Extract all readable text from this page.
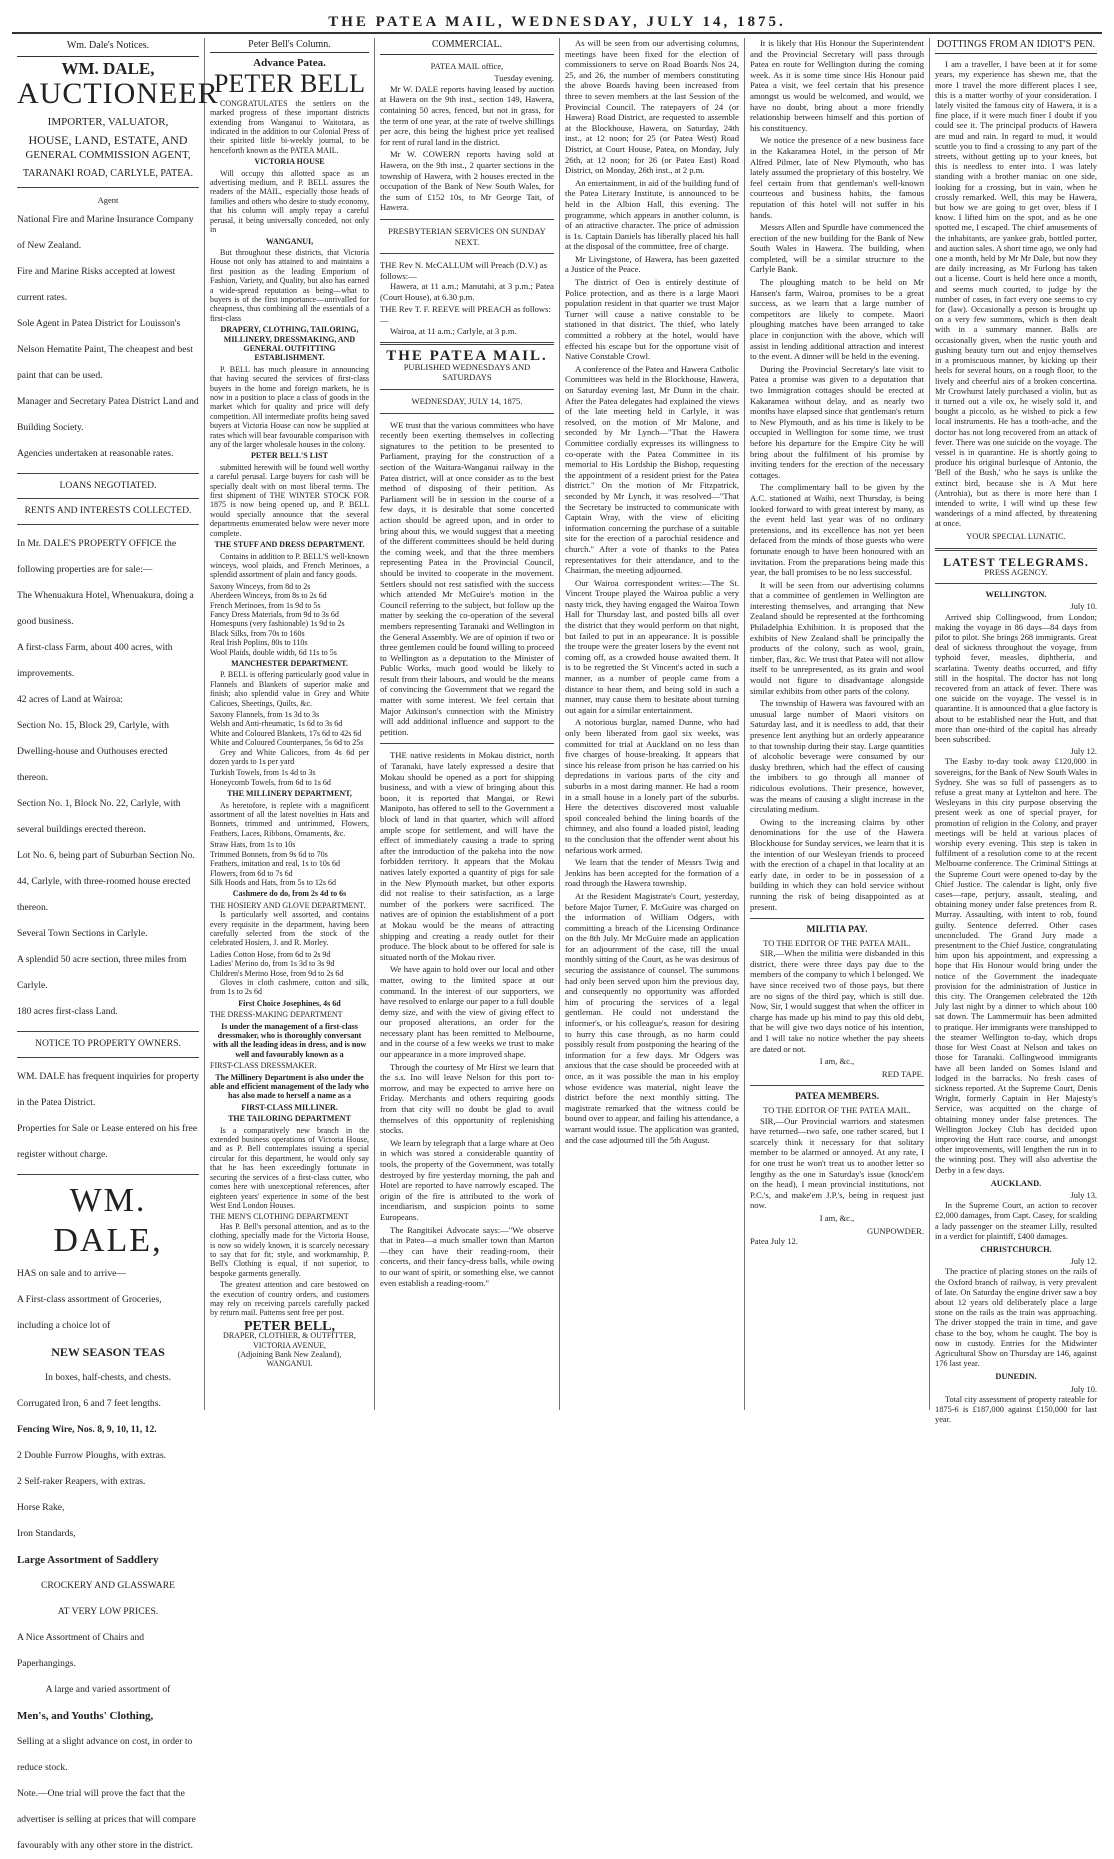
THE PATEA MAIL, WEDNESDAY, JULY 14, 1875.
Wm. Dale's Notices.
WM. DALE,
AUCTIONEER
IMPORTER, VALUATOR,
HOUSE, LAND, ESTATE, AND
GENERAL COMMISSION AGENT,
TARANAKI ROAD, CARLYLE, PATEA.
Agent
National Fire and Marine Insurance Company of New Zealand.
Fire and Marine Risks accepted at lowest current rates.
Sole Agent in Patea District for Louisson's Nelson Hematite Paint, The cheapest and best paint that can be used.
Manager and Secretary Patea District Land and Building Society.
Agencies undertaken at reasonable rates.
LOANS NEGOTIATED.
RENTS AND INTERESTS COLLECTED.
In Mr. DALE'S PROPERTY OFFICE the following properties are for sale:—
The Whenuakura Hotel, Whenuakura, doing a good business.
A first-class Farm, about 400 acres, with improvements.
42 acres of Land at Wairoa:
Section No. 15, Block 29, Carlyle, with Dwelling-house and Outhouses erected thereon.
Section No. 1, Block No. 22, Carlyle, with several buildings erected thereon.
Lot No. 6, being part of Suburban Section No. 44, Carlyle, with three-roomed house erected thereon.
Several Town Sections in Carlyle.
A splendid 50 acre section, three miles from Carlyle.
180 acres first-class Land.
NOTICE TO PROPERTY OWNERS.
WM. DALE has frequent inquiries for property in the Patea District.
Properties for Sale or Lease entered on his free register without charge.
WM. DALE,
HAS on sale and to arrive—
A First-class assortment of Groceries, including a choice lot of
NEW SEASON TEAS
In boxes, half-chests, and chests.
Corrugated Iron, 6 and 7 feet lengths.
Fencing Wire, Nos. 8, 9, 10, 11, 12.
2 Double Furrow Ploughs, with extras.
2 Self-raker Reapers, with extras.
Horse Rake,
Iron Standards,
Large Assortment of Saddlery
CROCKERY AND GLASSWARE
AT VERY LOW PRICES.
A Nice Assortment of Chairs and Paperhangings.
A large and varied assortment of
Men's, and Youths' Clothing,
Selling at a slight advance on cost, in order to reduce stock.
Note.—One trial will prove the fact that the advertiser is selling at prices that will compare favourably with any other store in the district.
Peter Bell's Column.
Advance Patea.
PETER BELL
CONGRATULATES the settlers on the marked progress of these important districts extending from Wanganui to Waitotara, as indicated in the addition to our Colonial Press of their spirited little bi-weekly journal, to be henceforth known as the PATEA MAIL.
VICTORIA HOUSE
Will occupy this allotted space as an advertising medium, and P. BELL assures the readers of the MAIL, especially those heads of families and others who desire to study economy, that his column will amply repay a careful perusal, it being universally conceded, not only in
WANGANUI,
But throughout these districts, that Victoria House not only has attained to and maintains a first position as the leading Emporium of Fashion, Variety, and Quality, but also has earned a wide-spread reputation as being—what to buyers is of the first importance—unrivalled for cheapness, thus combining all the essentials of a first-class
DRAPERY, CLOTHING, TAILORING, MILLINERY, DRESSMAKING, AND GENERAL OUTFITTING ESTABLISHMENT.
P. BELL has much pleasure in announcing that having secured the services of first-class buyers in the home and foreign markets, he is now in a position to place a class of goods in the market which for quality and price will defy competition. All intermediate profits being saved buyers at Victoria House can now be supplied at rates which will bear favourable comparison with any of the larger wholesale houses in the colony.
PETER BELL'S LIST
submitted herewith will be found well worthy a careful perusal. Large buyers for cash will be specially dealt with on most liberal terms. The first shipment of THE WINTER STOCK FOR 1875 is now being opened up, and P. BELL would specially announce that the several departments enumerated below were never more complete.
THE STUFF AND DRESS DEPARTMENT.
Contains in addition to P. BELL'S well-known winceys, wool plaids, and French Merinoes, a splendid assortment of plain and fancy goods.
Saxony Winceys, from 8d to 2s
Aberdeen Winceys, from 8s to 2s 6d
French Merinoes, from 1s 9d to 5s
Fancy Dress Materials, from 9d to 3s 6d
Homespuns (very fashionable) 1s 9d to 2s
Black Silks, from 70s to 160s
Real Irish Poplins, 80s to 110s
Wool Plaids, double width, 6d 11s to 5s
MANCHESTER DEPARTMENT.
P. BELL is offering particularly good value in Flannels and Blankets of superior make and finish; also splendid value in Grey and White Calicoes, Sheetings, Quilts, &c.
Saxony Flannels, from 1s 3d to 3s
Welsh and Anti-rheumatic, 1s 6d to 3s 6d
White and Coloured Blankets, 17s 6d to 42s 6d
White and Coloured Counterpanes, 5s 6d to 25s
Grey and White Calicoes, from 4s 6d per dozen yards to 1s per yard
Turkish Towels, from 1s 4d to 3s
Honeycomb Towels, from 6d to 1s 6d
THE MILLINERY DEPARTMENT,
As heretofore, is replete with a magnificent assortment of all the latest novelties in Hats and Bonnets, trimmed and untrimmed, Flowers, Feathers, Laces, Ribbons, Ornaments, &c.
Straw Hats, from 1s to 10s
Trimmed Bonnets, from 9s 6d to 70s
Feathers, imitation and real, 1s to 10s 6d
Flowers, from 6d to 7s 6d
Silk Hoods and Hats, from 5s to 12s 6d
Cashmere do do, from 2s 4d to 6s
THE HOSIERY AND GLOVE DEPARTMENT.
Is particularly well assorted, and contains every requisite in the department, having been carefully selected from the stock of the celebrated Hosiers, J. and R. Morley.
Ladies Cotton Hose, from 6d to 2s 9d
Ladies' Merino do, from 1s 3d to 3s 9d
Children's Merino Hose, from 9d to 2s 6d
Gloves in cloth cashmere, cotton and silk, from 1s to 2s 6d
First Choice Josephines, 4s 6d
THE DRESS-MAKING DEPARTMENT
Is under the management of a first-class dressmaker, who is thoroughly conversant with all the leading ideas in dress, and is now well and favourably known as a
FIRST-CLASS DRESSMAKER.
The Millinery Department is also under the able and efficient management of the lady who has also made to herself a name as a
FIRST-CLASS MILLINER.
THE TAILORING DEPARTMENT
Is a comparatively new branch in the extended business operations of Victoria House, and as P. Bell contemplates issuing a special circular for this department, he would only say that he has been exceedingly fortunate in securing the services of a first-class cutter, who comes here with unexceptional references, after eighteen years' experience in some of the best West End London Houses.
THE MEN'S CLOTHING DEPARTMENT
Has P. Bell's personal attention, and as to the clothing, specially made for the Victoria House, is now so widely known, it is scarcely necessary to say that for fit; style, and workmanship, P. Bell's Clothing is equal, if not superior, to bespoke garments generally.
The greatest attention and care bestowed on the execution of country orders, and customers may rely on receiving parcels carefully packed by return mail. Patterns sent free per post.
PETER BELL,
DRAPER, CLOTHIER, & OUTFITTER,
VICTORIA AVENUE,
(Adjoining Bank New Zealand),
WANGANUI.
COMMERCIAL.
PATEA MAIL office,
Tuesday evening.
Mr W. DALE reports having leased by auction at Hawera on the 9th inst., section 149, Hawera, containing 50 acres, fenced, but not in grass, for the term of one year, at the rate of twelve shillings per acre, this being the highest price yet realised for rent of rural land in the district.
Mr W. COWERN reports having sold at Hawera, on the 9th inst., 2 quarter sections in the township of Hawera, with 2 houses erected in the occupation of the Bank of New South Wales, for the sum of £152 10s, to Mr George Tait, of Hawera.
PRESBYTERIAN SERVICES ON SUNDAY NEXT.
THE Rev N. McCALLUM will Preach (D.V.) as follows:—
Hawera, at 11 a.m.; Manutahi, at 3 p.m.; Patea (Court House), at 6.30 p.m.
THE Rev T. F. REEVE will PREACH as follows:—
Wairoa, at 11 a.m.; Carlyle, at 3 p.m.
THE PATEA MAIL.
PUBLISHED WEDNESDAYS AND SATURDAYS
WEDNESDAY, JULY 14, 1875.
WE trust that the various committees who have recently been exerting themselves in collecting signatures to the petition to be presented to Parliament, praying for the construction of a section of the Waitara-Wanganui railway in the Patea district, will at once consider as to the best method of disposing of their petition. As Parliament will be in session in the course of a few days, it is desirable that some concerted action should be agreed upon, and in order to bring about this, we would suggest that a meeting of the different committees should be held during the coming week, and that the three members representing Patea in the Provincial Council, should be invited to cooperate in the movement. Settlers should not rest satisfied with the success which attended Mr McGuire's motion in the Council referring to the subject, but follow up the matter by seeking the co-operation of the several members representing Taranaki and Wellington in the General Assembly. We are of opinion if two or three gentlemen could be found willing to proceed to Wellington as a deputation to the Minister of Public Works, much good would be likely to result from their labours, and would be the means of convincing the Government that we regard the matter with some interest. We feel certain that Major Atkinson's connection with the Ministry will add additional influence and support to the petition.
THE native residents in Mokau district, north of Taranaki, have lately expressed a desire that Mokau should be opened as a port for shipping business, and with a view of bringing about this boon, it is reported that Mangai, or Rewi Manipoto, has offered to sell to the Government a block of land in that quarter, which will afford ample scope for settlement, and will have the effect of immediately causing a trade to spring after the introduction of the pakeha into the now forbidden territory. It appears that the Mokau natives lately exported a quantity of pigs for sale in the New Plymouth market, but other exports did not realise to their satisfaction, as a large number of the porkers were sacrificed. The natives are of opinion the establishment of a port at Mokau would be the means of attracting shipping and creating a ready outlet for their produce. The block about to be offered for sale is situated north of the Mokau river.
We have again to hold over our local and other matter, owing to the limited space at our command. In the interest of our supporters, we have resolved to enlarge our paper to a full double demy size, and with the view of giving effect to our proposed alterations, an order for the necessary plant has been remitted to Melbourne, and in the course of a few weeks we trust to make our appearance in a more improved shape.
Through the courtesy of Mr Hirst we learn that the s.s. Ino will leave Nelson for this port to-morrow, and may be expected to arrive here on Friday. Merchants and others requiring goods from that city will no doubt be glad to avail themselves of this opportunity of replenishing stocks.
We learn by telegraph that a large whare at Oeo in which was stored a considerable quantity of tools, the property of the Government, was totally destroyed by fire yesterday morning, the pah and Hotel are reported to have narrowly escaped. The origin of the fire is attributed to the work of incendiarism, and suspicion points to some Europeans.
The Rangitikei Advocate says:—"We observe that in Patea—a much smaller town than Marton—they can have their reading-room, their concerts, and their fancy-dress balls, while owing to our want of spirit, or something else, we cannot even establish a reading-room."
As will be seen from our advertising columns, meetings have been fixed for the election of commissioners to serve on Road Boards Nos 24, 25, and 26, the number of members constituting the above Boards having been increased from three to seven members at the last Session of the Provincial Council. The ratepayers of 24 (or Hawera) Road District, are requested to assemble at the Blockhouse, Hawera, on Saturday, 24th inst., at 12 noon; for 25 (or Patea West) Road District, at Court House, Patea, on Monday, July 26th, at 12 noon; for 26 (or Patea East) Road District, on Monday, 26th inst., at 2 p.m.
An entertainment, in aid of the building fund of the Patea Literary Institute, is announced to be held in the Albion Hall, this evening. The programme, which appears in another column, is of an attractive character. The price of admission is 1s. Captain Daniels has liberally placed his hall at the disposal of the committee, free of charge.
Mr Livingstone, of Hawera, has been gazetted a Justice of the Peace.
The district of Oeo is entirely destitute of Police protection, and as there is a large Maori population resident in that quarter we trust Major Turner will cause a native constable to be stationed in that district. The thief, who lately committed a robbery at the hotel, would have effected his escape but for the opportune visit of Native Constable Crowl.
A conference of the Patea and Hawera Catholic Committees was held in the Blockhouse, Hawera, on Saturday evening last, Mr Dunn in the chair. After the Patea delegates had explained the views of the late meeting held in Carlyle, it was resolved, on the motion of Mr Malone, and seconded by Mr Lynch—"That the Hawera Committee cordially expresses its willingness to co-operate with the Patea Committee in its memorial to His Lordship the Bishop, requesting the appointment of a resident priest for the Patea district." On the motion of Mr Fitzpatrick, seconded by Mr Lynch, it was resolved—"That the Secretary be instructed to communicate with Captain Wray, with the view of eliciting information concerning the purchase of a suitable site for the erection of a parochial residence and church." After a vote of thanks to the Patea representatives for their attendance, and to the Chairman, the meeting adjourned.
Our Wairoa correspondent writes:—The St. Vincent Troupe played the Wairoa public a very nasty trick, they having engaged the Wairoa Town Hall for Thursday last, and posted bills all over the district that they would perform on that night, but failed to put in an appearance. It is possible the troupe were the greater losers by the event not coming off, as a crowded house awaited them. It is to be regretted the St Vincent's acted in such a manner, as a number of people came from a distance to hear them, and being sold in such a manner, may cause them to hesitate about turning out again for a similar entertainment.
A notorious burglar, named Dunne, who had only been liberated from gaol six weeks, was committed for trial at Auckland on no less than five charges of house-breaking. It appears that since his release from prison he has carried on his depredations in various parts of the city and suburbs in a most daring manner. He had a room in a small house in a lonely part of the suburbs. Here the detectives discovered most valuable spoil concealed behind the lining boards of the chimney, and also found a loaded pistol, leading to the conclusion that the offender went about his nefarious work armed.
We learn that the tender of Messrs Twig and Jenkins has been accepted for the formation of a road through the Hawera township.
At the Resident Magistrate's Court, yesterday, before Major Turner, F. McGuire was charged on the information of William Odgers, with committing a breach of the Licensing Ordinance on the 8th July. Mr McGuire made an application for an adjournment of the case, till the usual monthly sitting of the Court, as he was desirous of securing the assistance of counsel. The summons had only been served upon him the previous day, and consequently no opportunity was afforded him of procuring the services of a legal gentleman. He could not understand the informer's, or his colleague's, reason for desiring to hurry this case through, as no harm could possibly result from postponing the hearing of the information for a few days. Mr Odgers was anxious that the case should be proceeded with at once, as it was possible the man in his employ whose evidence was material, night leave the district before the next monthly sitting. The magistrate remarked that the witness could be bound over to appear, and failing his attendance, a warrant would issue. The application was granted, and the case adjourned till the 5th August.
It is likely that His Honour the Superintendent and the Provincial Secretary will pass through Patea en route for Wellington during the coming week. As it is some time since His Honour paid Patea a visit, we feel certain that his presence amongst us would be welcomed, and would, we have no doubt, bring about a more friendly relationship between himself and this portion of his constituency.
We notice the presence of a new business face in the Kakaramea Hotel, in the person of Mr Alfred Pilmer, late of New Plymouth, who has lately assumed the proprietary of this hostelry. We feel certain from that gentleman's well-known courteous and business habits, the famous reputation of this hotel will not suffer in his hands.
Messrs Allen and Spurdle have commenced the erection of the new building for the Bank of New South Wales in Hawera. The building, when completed, will be a similar structure to the Carlyle Bank.
The ploughing match to be held on Mr Hansen's farm, Wairoa, promises to be a great success, as we learn that a large number of competitors are likely to compete. Maori ploughing matches have been arranged to take place in conjunction with the above, which will assist in lending additional attraction and interest to the event. A dinner will be held in the evening.
During the Provincial Secretary's late visit to Patea a promise was given to a deputation that two Immigration cottages should be erected at Kakaramea without delay, and as nearly two months have elapsed since that gentleman's return to New Plymouth, and as his time is likely to be occupied in Wellington for some time, we trust before his departure for the Empire City he will bring about the fulfilment of his promise by inviting tenders for the erection of the necessary cottages.
The complimentary ball to be given by the A.C. stationed at Waihi, next Thursday, is being looked forward to with great interest by many, as the event held last year was of no ordinary pretensions, and its excellence has not yet been defaced from the minds of those guests who were fortunate enough to have been honoured with an invitation. From the preparations being made this year, the ball promises to be no less successful.
It will be seen from our advertising columns that a committee of gentlemen in Wellington are interesting themselves, and arranging that New Zealand should be represented at the forthcoming Philadelphia Exhibition. It is proposed that the exhibits of New Zealand shall be principally the products of the colony, such as wool, grain, timber, flax, &c. We trust that Patea will not allow itself to be unrepresented, as its grain and wool would not figure to disadvantage alongside similar exhibits from other parts of the colony.
The township of Hawera was favoured with an unusual large number of Maori visitors on Saturday last, and it is needless to add, that their presence lent anything but an orderly appearance to that township during their stay. Large quantities of alcoholic beverage were consumed by our dusky brethren, which had the effect of causing the imbibers to go through all manner of ridiculous evolutions. Their presence, however, was the means of causing a slight increase in the circulating medium.
Owing to the increasing claims by other denominations for the use of the Hawera Blockhouse for Sunday services, we learn that it is the intention of our Wesleyan friends to proceed with the erection of a chapel in that locality at an early date, in order to be in possession of a building in which they can hold service without running the risk of being disappointed as at present.
MILITIA PAY.
TO THE EDITOR OF THE PATEA MAIL.
SIR,—When the militia were disbanded in this district, there were three days pay due to the members of the company to which I belonged. We have since received two of those pays, but there are no signs of the third pay, which is still due. Now, Sir, I would suggest that when the officer in charge has made up his mind to pay this old debt, that he will give two days notice of his intention, and I will take no notice whether the pay sheets are dated or not.
I am, &c.,
RED TAPE.
PATEA MEMBERS.
TO THE EDITOR OF THE PATEA MAIL.
SIR,—Our Provincial warriors and statesmen have returned—two safe, one rather scared, but I scarcely think it necessary for that solitary member to be alarmed or annoyed. At any rate, I for one trust he won't treat us to another letter so lengthy as the one in Saturday's issue (knock'em on the head), I mean provincial institutions, not P.C.'s, and make'em J.P.'s, being in request just now.
I am, &c.,
GUNPOWDER.
Patea July 12.
DOTTINGS FROM AN IDIOT'S PEN.
I am a traveller, I have been at it for some years, my experience has shewn me, that the more I travel the more different places I see, this is a matter worthy of your consideration. I lately visited the famous city of Hawera, it is a fine place, if it were much finer I doubt if you could see it. The principal products of Hawera are mud and rain. In regard to mud, it would scuttle you to find a crossing to any part of the streets, without getting up to your knees, but this is needless to enter into. I was lately standing with a brother maniac on one side, looking for a crossing, but in vain, when he crossly remarked. Well, this may be Hawera, but how we are going to get over, bless if I know. I lifted him on the spot, and as he one spotted me, I escaped. The chief amusements of the inhabitants, are yankee grab, bottled porter, and auction sales. A short time ago, we only had one a month, held by Mr Mr Dale, but now they are daily increasing, as Mr Furlong has taken out a license. Court is held here once a month, and seems much courted, to judge by the number of cases, in fact every one seems to cry for (law). Occasionally a person is brought up on a very few summons, which is then dealt with in a summary manner. Balls are occasionally given, when the rustic youth and gushing beauty turn out and enjoy themselves in a promiscuous manner, by kicking up their heels for several hours, on a rough floor, to the lively and cheerful airs of a broken concertina. Mr Crowhurst lately purchased a violin, but as it turned out a vile ox, he wisely sold it, and bought a piccolo, as he wished to pick a few local instruments. He has a tooth-ache, and the doctor has not long recovered from an attack of fever. There was one suicide on the voyage. The vessel is in quarantine. He is shortly going to produce his original burlesque of Antonio, the 'Bell of the Bush,' who he says is unlike the extinct bird, because she is A Mut here (Antrohia), but as there is more here than I intended to write, I will wind up these few wanderings of a mind affected, by threatening at once.
YOUR SPECIAL LUNATIC.
LATEST TELEGRAMS.
PRESS AGENCY.
WELLINGTON.
July 10.
Arrived ship Collingwood, from London; making the voyage in 86 days—84 days from pilot to pilot. She brings 268 immigrants. Great deal of sickness throughout the voyage, from typhoid fever, measles, diphtheria, and scarlatina. Twenty deaths occurred, and fifty still in the hospital. The doctor has not long recovered from an attack of fever. There was one suicide on the voyage. The vessel is in quarantine. It is announced that a glue factory is about to be established near the Hutt, and that more than one-third of the capital has already been subscribed.
July 12.
The Easby to-day took away £120,000 in sovereigns, for the Bank of New South Wales in Sydney. She was so full of passengers as to refuse a great many at Lyttelton and here. The Wesleyans in this city purpose observing the present week as one of special prayer, for promotion of religion in the Colony, and prayer meetings will be held at various places of worship every evening. This step is taken in fulfilment of a resolution come to at the recent Melbourne conference. The Criminal Sittings at the Supreme Court were opened to-day by the Chief Justice. The calendar is light, only five cases—rape, perjury, assault, stealing, and obtaining money under false pretences from R. Murray. Assaulting, with intent to rob, found guilty. Sentence deferred. Other cases unconcluded. The Grand Jury made a presentment to the Chief Justice, congratulating him upon his appointment, and expressing a hope that His Honour would bring under the notice of the Government the inadequate provision for the administration of Justice in this city. The Orangemen celebrated the 12th July last night by a dinner to which about 100 sat down. The Lammermuir has been admitted to pratique. Her immigrants were transhipped to the steamer Wellington to-day, which drops those for West Coast at Nelson and takes on those for Taranaki. Collingwood immigrants have all been landed on Somes Island and lodged in the barracks. No fresh cases of sickness reported. At the Supreme Court, Denis Wright, formerly Captain in Her Majesty's Service, was acquitted on the charge of obtaining money under false pretences. The Wellington Jockey Club has decided upon improving the Hutt race course, and amongst other improvements, will lengthen the run in to the winning post. They will also advertise the Derby in a few days.
AUCKLAND.
July 13.
In the Supreme Court, an action to recover £2,000 damages, from Capt. Casey, for scalding a lady passenger on the steamer Lilly, resulted in a verdict for plaintiff, £400 damages.
CHRISTCHURCH.
July 12.
The practice of placing stones on the rails of the Oxford branch of railway, is very prevalent of late. On Saturday the engine driver saw a boy about 12 years old deliberately place a large stone on the rails as the train was approaching. The driver stopped the train in time, and gave chase to the boy, whom he caught. The boy is now in custody. Entries for the Midwinter Agricultural Show on Thursday are 146, against 176 last year.
DUNEDIN.
July 10.
Total city assessment of property rateable for 1875-6 is £187,000 against £150,000 for last year.
